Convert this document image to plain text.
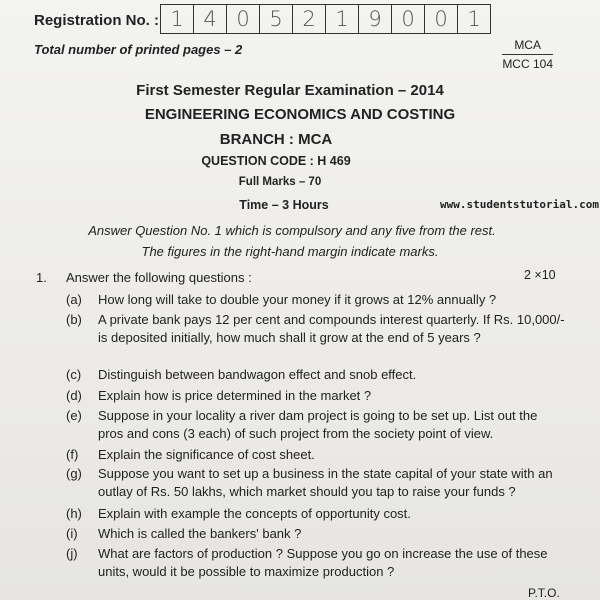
Registration No. : 1 4 0 5 2 1 9 0 0 1
Total number of printed pages – 2	MCA
MCC 104
First Semester Regular Examination – 2014
ENGINEERING ECONOMICS AND COSTING
BRANCH : MCA
QUESTION CODE : H 469
Full Marks – 70
Time – 3 Hours	www.studentstutorial.com
Answer Question No. 1 which is compulsory and any five from the rest.
The figures in the right-hand margin indicate marks.
1. Answer the following questions :	2 ×10
(a)	How long will take to double your money if it grows at 12% annually ?
(b)	A private bank pays 12 per cent and compounds interest quarterly. If Rs. 10,000/- is deposited initially, how much shall it grow at the end of 5 years ?
(c)	Distinguish between bandwagon effect and snob effect.
(d)	Explain how is price determined in the market ?
(e)	Suppose in your locality a river dam project is going to be set up. List out the pros and cons (3 each) of such project from the society point of view.
(f)	Explain the significance of cost sheet.
(g)	Suppose you want to set up a business in the state capital of your state with an outlay of Rs. 50 lakhs, which market should you tap to raise your funds ?
(h)	Explain with example the concepts of opportunity cost.
(i)	Which is called the bankers' bank ?
(j)	What are factors of production ? Suppose you go on increase the use of these units, would it be possible to maximize production ?
P.T.O.
